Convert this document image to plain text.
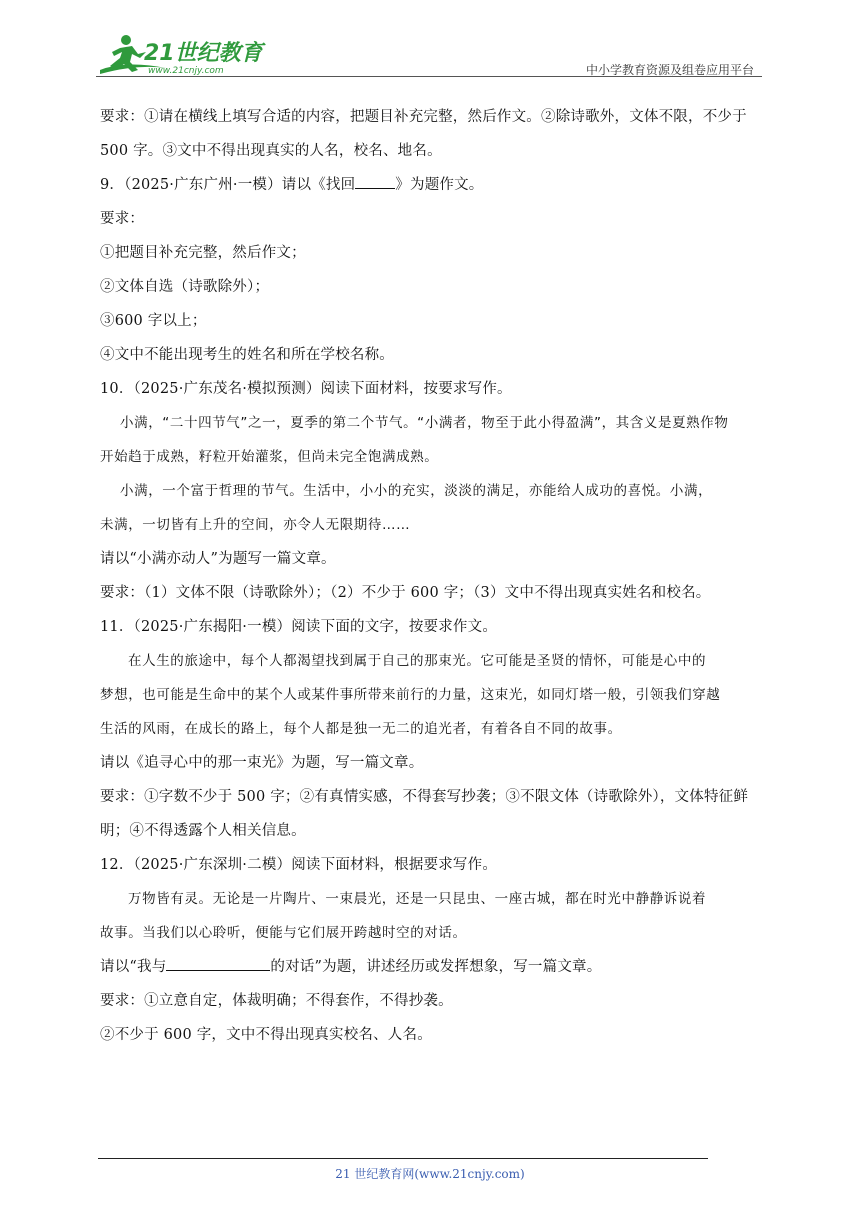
21世纪教育
www.21cnjy.com	中小学教育资源及组卷应用平台

要求：①请在横线上填写合适的内容，把题目补充完整，然后作文。②除诗歌外，文体不限，不少于

500 字。③文中不得出现真实的人名，校名、地名。

9．（2025·广东广州·一模）请以《找回	》为题作文。

要求：

①把题目补充完整，然后作文；

②文体自选（诗歌除外）；

③600 字以上；

④文中不能出现考生的姓名和所在学校名称。

10．（2025·广东茂名·模拟预测）阅读下面材料，按要求写作。

小满，“二十四节气”之一，夏季的第二个节气。“小满者，物至于此小得盈满”，其含义是夏熟作物

开始趋于成熟，籽粒开始灌浆，但尚未完全饱满成熟。

小满，一个富于哲理的节气。生活中，小小的充实，淡淡的满足，亦能给人成功的喜悦。小满，

未满，一切皆有上升的空间，亦令人无限期待……

请以“小满亦动人”为题写一篇文章。

要求：（1）文体不限（诗歌除外）；（2）不少于 600 字；（3）文中不得出现真实姓名和校名。

11．（2025·广东揭阳·一模）阅读下面的文字，按要求作文。

在人生的旅途中，每个人都渴望找到属于自己的那束光。它可能是圣贤的情怀，可能是心中的

梦想，也可能是生命中的某个人或某件事所带来前行的力量，这束光，如同灯塔一般，引领我们穿越

生活的风雨，在成长的路上，每个人都是独一无二的追光者，有着各自不同的故事。

请以《追寻心中的那一束光》为题，写一篇文章。

要求：①字数不少于 500 字；②有真情实感，不得套写抄袭；③不限文体（诗歌除外），文体特征鲜

明；④不得透露个人相关信息。

12．（2025·广东深圳·二模）阅读下面材料，根据要求写作。

万物皆有灵。无论是一片陶片、一束晨光，还是一只昆虫、一座古城，都在时光中静静诉说着

故事。当我们以心聆听，便能与它们展开跨越时空的对话。

请以“我与	的对话”为题，讲述经历或发挥想象，写一篇文章。

要求：①立意自定，体裁明确；不得套作，不得抄袭。

②不少于 600 字，文中不得出现真实校名、人名。

21 世纪教育网(www.21cnjy.com)
